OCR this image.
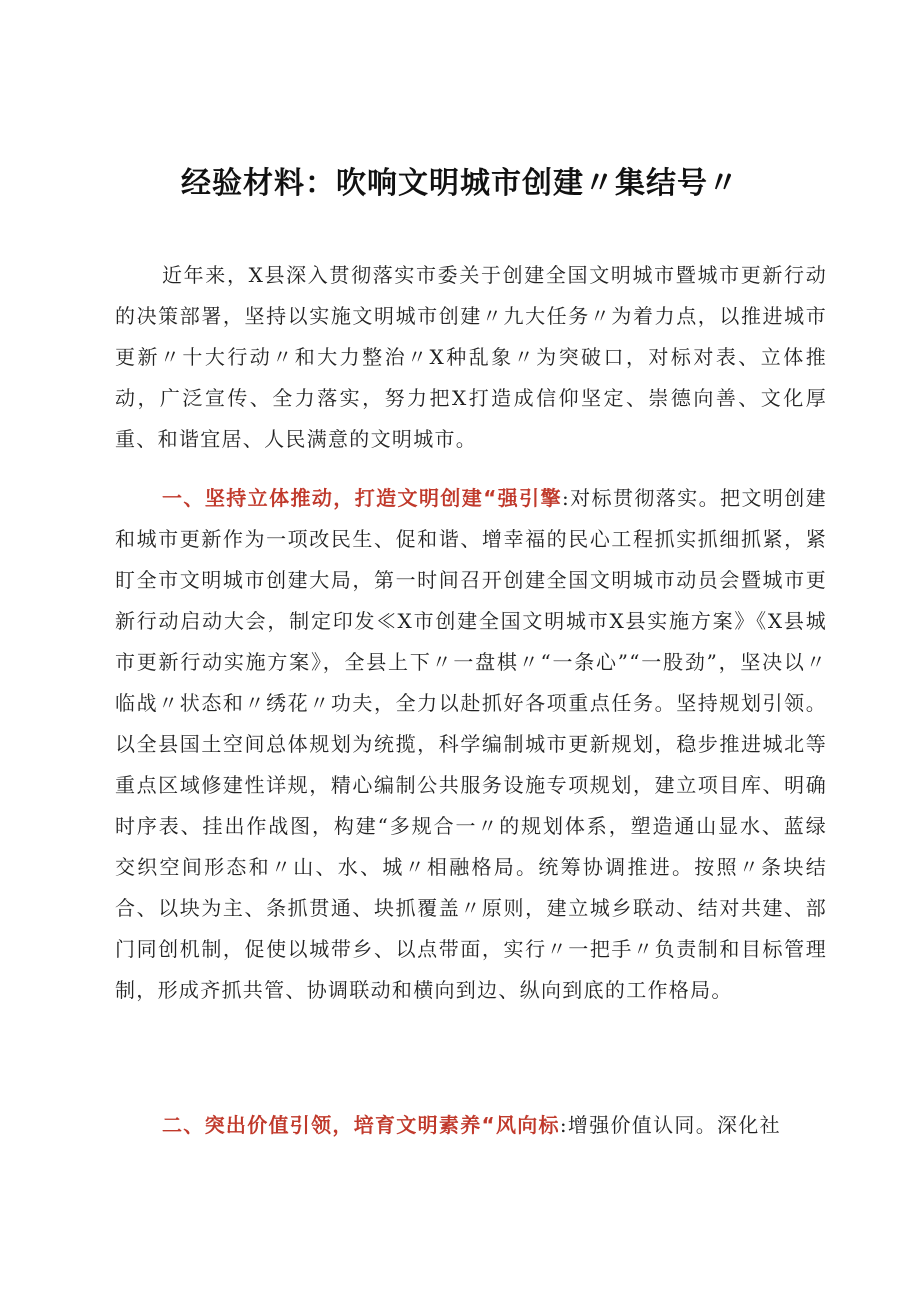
经验材料：吹响文明城市创建〃集结号〃

近年来，X县深入贯彻落实市委关于创建全国文明城市暨城市更新行动的决策部署，坚持以实施文明城市创建〃九大任务〃为着力点，以推进城市更新〃十大行动〃和大力整治〃X种乱象〃为突破口，对标对表、立体推动，广泛宣传、全力落实，努力把X打造成信仰坚定、崇德向善、文化厚重、和谐宜居、人民满意的文明城市。

一、坚持立体推动，打造文明创建“强引擎:对标贯彻落实。把文明创建和城市更新作为一项改民生、促和谐、增幸福的民心工程抓实抓细抓紧，紧盯全市文明城市创建大局，第一时间召开创建全国文明城市动员会暨城市更新行动启动大会，制定印发≪X市创建全国文明城市X县实施方案》《X县城市更新行动实施方案》，全县上下〃一盘棋〃“一条心”“一股劲”，坚决以〃临战〃状态和〃绣花〃功夫，全力以赴抓好各项重点任务。坚持规划引领。以全县国土空间总体规划为统揽，科学编制城市更新规划，稳步推进城北等重点区域修建性详规，精心编制公共服务设施专项规划，建立项目库、明确时序表、挂出作战图，构建“多规合一〃的规划体系，塑造通山显水、蓝绿交织空间形态和〃山、水、城〃相融格局。统筹协调推进。按照〃条块结合、以块为主、条抓贯通、块抓覆盖〃原则，建立城乡联动、结对共建、部门同创机制，促使以城带乡、以点带面，实行〃一把手〃负责制和目标管理制，形成齐抓共管、协调联动和横向到边、纵向到底的工作格局。

二、突出价值引领，培育文明素养“风向标:增强价值认同。深化社
